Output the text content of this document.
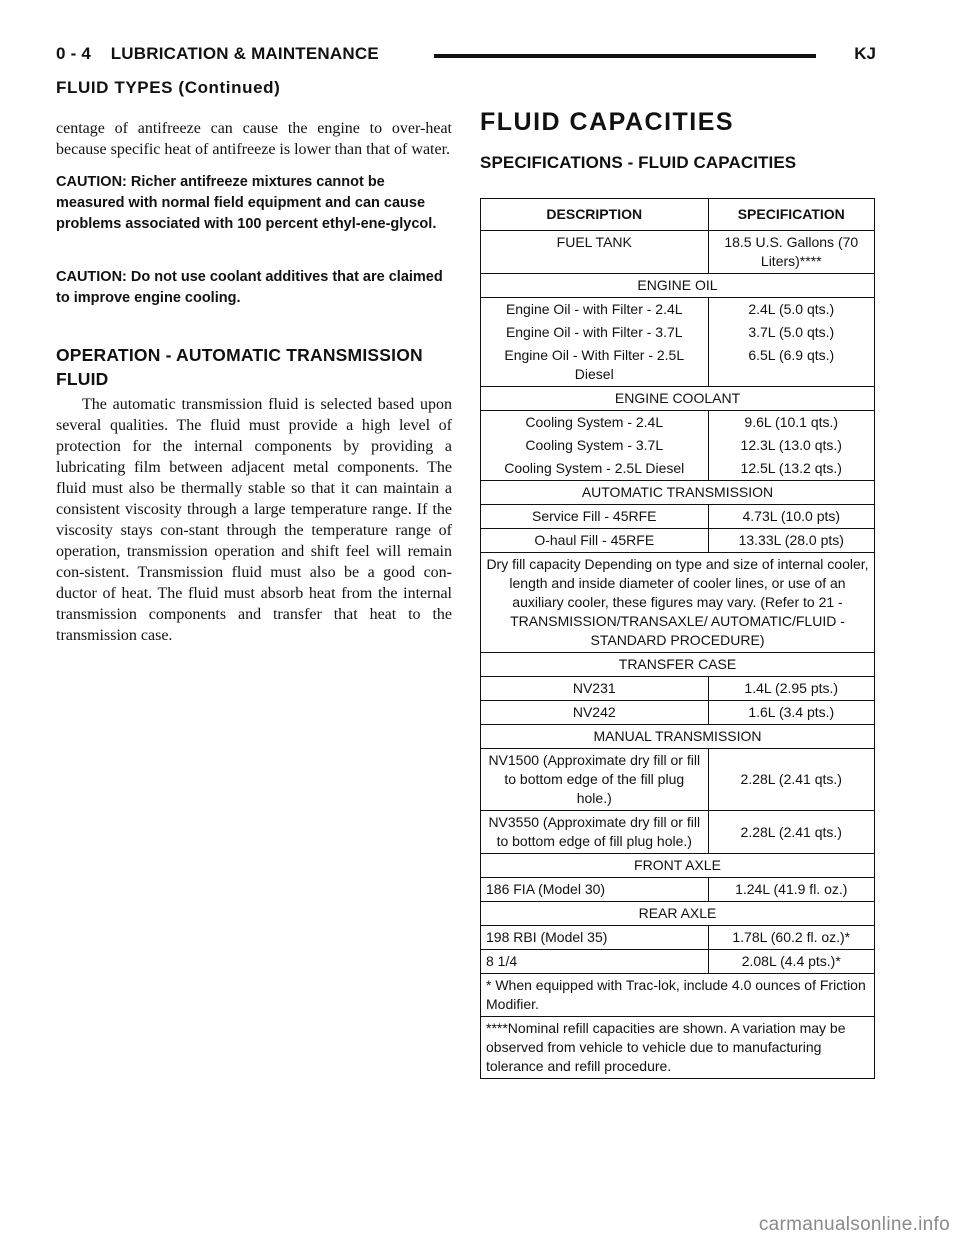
0 - 4    LUBRICATION & MAINTENANCE	KJ
FLUID TYPES (Continued)

centage of antifreeze can cause the engine to over-heat because specific heat of antifreeze is lower than that of water.

CAUTION: Richer antifreeze mixtures cannot be measured with normal field equipment and can cause problems associated with 100 percent ethyl-ene-glycol.

CAUTION: Do not use coolant additives that are claimed to improve engine cooling.

OPERATION - AUTOMATIC TRANSMISSION FLUID

The automatic transmission fluid is selected based upon several qualities. The fluid must provide a high level of protection for the internal components by providing a lubricating film between adjacent metal components. The fluid must also be thermally stable so that it can maintain a consistent viscosity through a large temperature range. If the viscosity stays con-stant through the temperature range of operation, transmission operation and shift feel will remain con-sistent. Transmission fluid must also be a good con-ductor of heat. The fluid must absorb heat from the internal transmission components and transfer that heat to the transmission case.

FLUID CAPACITIES

SPECIFICATIONS - FLUID CAPACITIES

DESCRIPTION	SPECIFICATION
FUEL TANK	18.5 U.S. Gallons (70 Liters)****
ENGINE OIL	
Engine Oil - with Filter - 2.4L	2.4L (5.0 qts.)
Engine Oil - with Filter - 3.7L	3.7L (5.0 qts.)
Engine Oil - With Filter - 2.5L Diesel	6.5L (6.9 qts.)
ENGINE COOLANT	
Cooling System - 2.4L	9.6L (10.1 qts.)
Cooling System - 3.7L	12.3L (13.0 qts.)
Cooling System - 2.5L Diesel	12.5L (13.2 qts.)
AUTOMATIC TRANSMISSION	
Service Fill - 45RFE	4.73L (10.0 pts)
O-haul Fill - 45RFE	13.33L (28.0 pts)
Dry fill capacity Depending on type and size of internal cooler, length and inside diameter of cooler lines, or use of an auxiliary cooler, these figures may vary. (Refer to 21 - TRANSMISSION/TRANSAXLE/ AUTOMATIC/FLUID - STANDARD PROCEDURE)	
TRANSFER CASE	
NV231	1.4L (2.95 pts.)
NV242	1.6L (3.4 pts.)
MANUAL TRANSMISSION	
NV1500 (Approximate dry fill or fill to bottom edge of the fill plug hole.)	2.28L (2.41 qts.)
NV3550 (Approximate dry fill or fill to bottom edge of fill plug hole.)	2.28L (2.41 qts.)
FRONT AXLE	
186 FIA (Model 30)	1.24L (41.9 fl. oz.)
REAR AXLE	
198 RBI (Model 35)	1.78L (60.2 fl. oz.)*
8 1/4	2.08L (4.4 pts.)*
* When equipped with Trac-lok, include 4.0 ounces of Friction Modifier.	
****Nominal refill capacities are shown. A variation may be observed from vehicle to vehicle due to manufacturing tolerance and refill procedure.	
carmanualsonline.info
